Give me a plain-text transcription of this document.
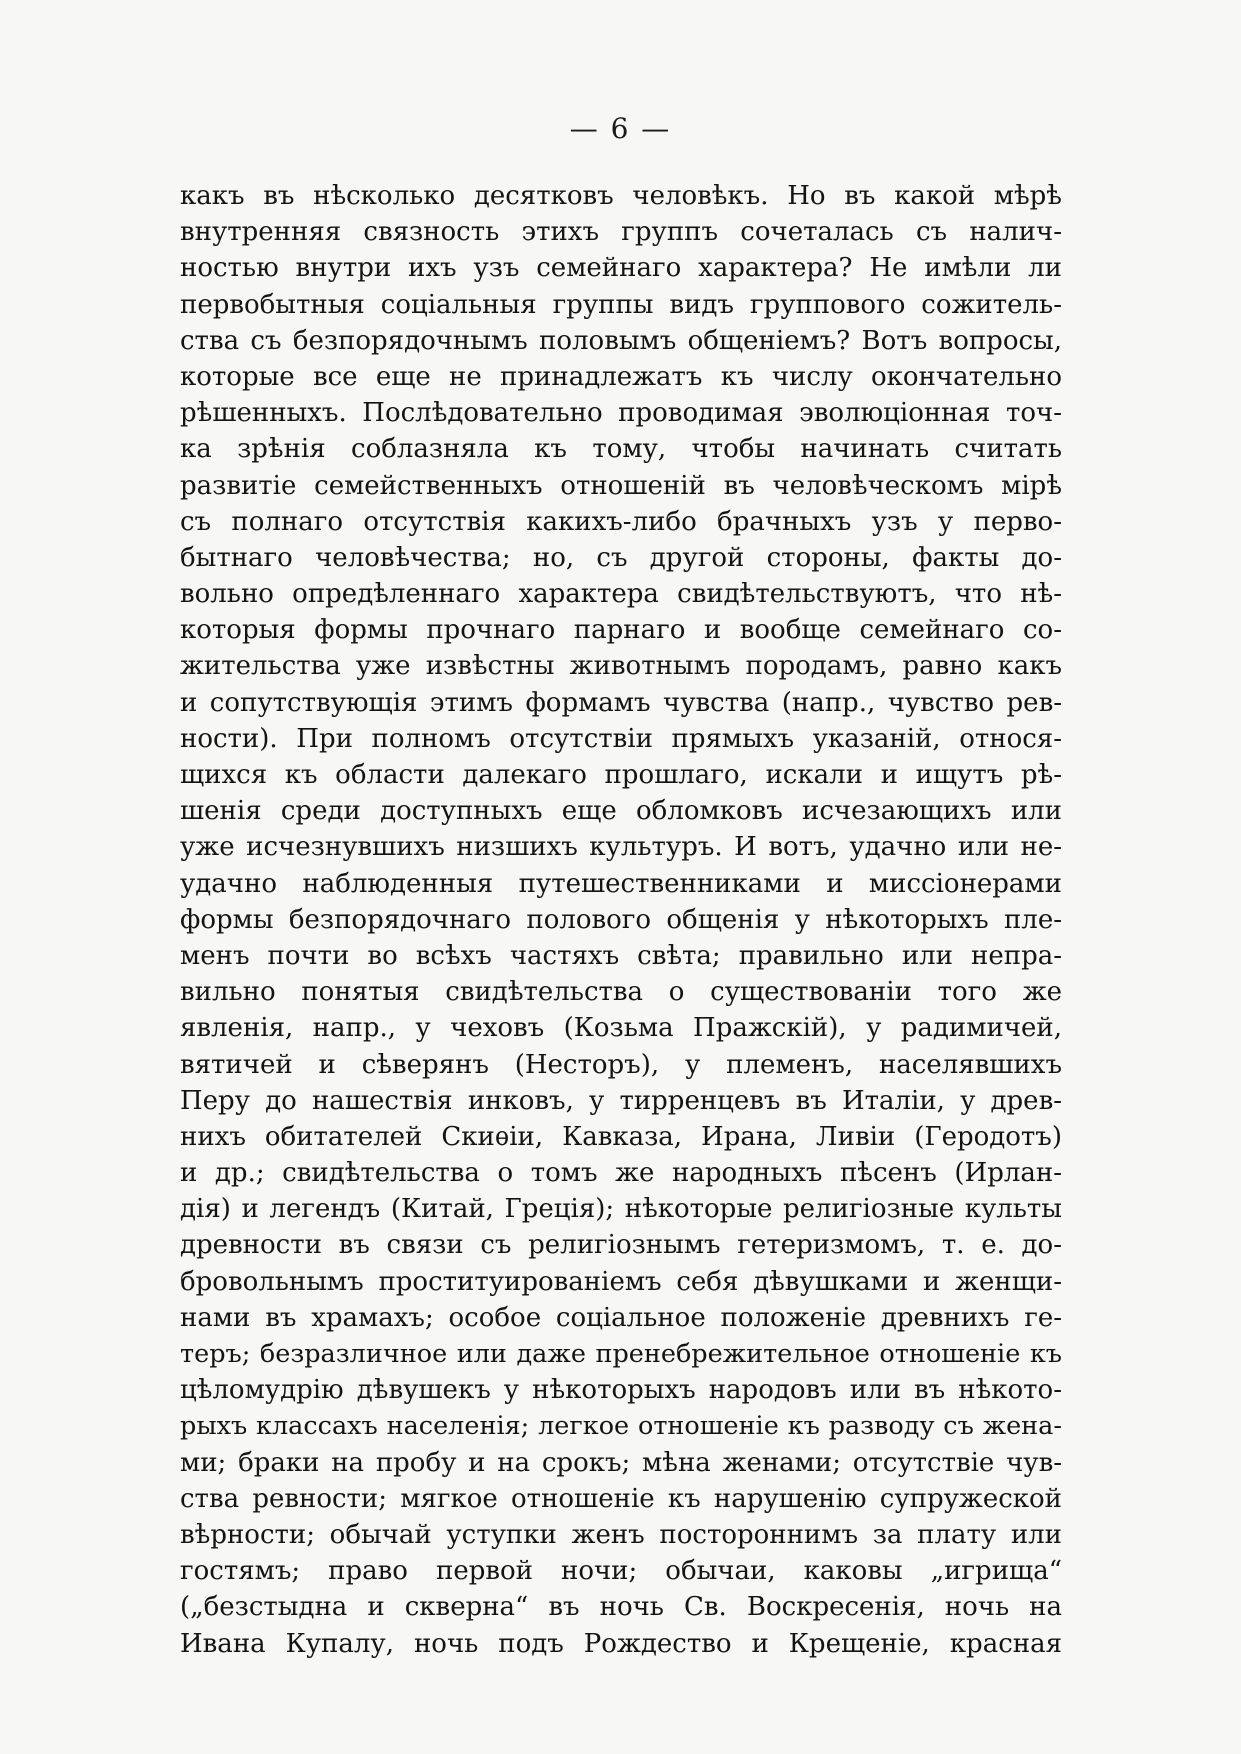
— 6 —
какъ въ нѣсколько десятковъ человѣкъ. Но въ какой мѣрѣ
внутренняя связность этихъ группъ сочеталась съ налич-
ностью внутри ихъ узъ семейнаго характера? Не имѣли ли
первобытныя соціальныя группы видъ группового сожитель-
ства съ безпорядочнымъ половымъ общеніемъ? Вотъ вопросы,
которые все еще не принадлежатъ къ числу окончательно
рѣшенныхъ. Послѣдовательно проводимая эволюціонная точ-
ка зрѣнія соблазняла къ тому, чтобы начинать считать
развитіе семейственныхъ отношеній въ человѣческомъ мірѣ
съ полнаго отсутствія какихъ-либо брачныхъ узъ у перво-
бытнаго человѣчества; но, съ другой стороны, факты до-
вольно опредѣленнаго характера свидѣтельствуютъ, что нѣ-
которыя формы прочнаго парнаго и вообще семейнаго со-
жительства уже извѣстны животнымъ породамъ, равно какъ
и сопутствующія этимъ формамъ чувства (напр., чувство рев-
ности). При полномъ отсутствіи прямыхъ указаній, относя-
щихся къ области далекаго прошлаго, искали и ищутъ рѣ-
шенія среди доступныхъ еще обломковъ исчезающихъ или
уже исчезнувшихъ низшихъ культуръ. И вотъ, удачно или не-
удачно наблюденныя путешественниками и миссіонерами
формы безпорядочнаго полового общенія у нѣкоторыхъ пле-
менъ почти во всѣхъ частяхъ свѣта; правильно или непра-
вильно понятыя свидѣтельства о существованіи того же
явленія, напр., у чеховъ (Козьма Пражскій), у радимичей,
вятичей и сѣверянъ (Несторъ), у племенъ, населявшихъ
Перу до нашествія инковъ, у тирренцевъ въ Италіи, у древ-
нихъ обитателей Скиѳіи, Кавказа, Ирана, Ливіи (Геродотъ)
и др.; свидѣтельства о томъ же народныхъ пѣсенъ (Ирлан-
дія) и легендъ (Китай, Греція); нѣкоторые религіозные культы
древности въ связи съ религіознымъ гетеризмомъ, т. е. до-
бровольнымъ проституированіемъ себя дѣвушками и женщи-
нами въ храмахъ; особое соціальное положеніе древнихъ ге-
теръ; безразличное или даже пренебрежительное отношеніе къ
цѣломудрію дѣвушекъ у нѣкоторыхъ народовъ или въ нѣкото-
рыхъ классахъ населенія; легкое отношеніе къ разводу съ жена-
ми; браки на пробу и на срокъ; мѣна женами; отсутствіе чув-
ства ревности; мягкое отношеніе къ нарушенію супружеской
вѣрности; обычай уступки женъ постороннимъ за плату или
гостямъ; право первой ночи; обычаи, каковы „игрища“
(„безстыдна и скверна“ въ ночь Св. Воскресенія, ночь на
Ивана Купалу, ночь подъ Рождество и Крещеніе, красная
